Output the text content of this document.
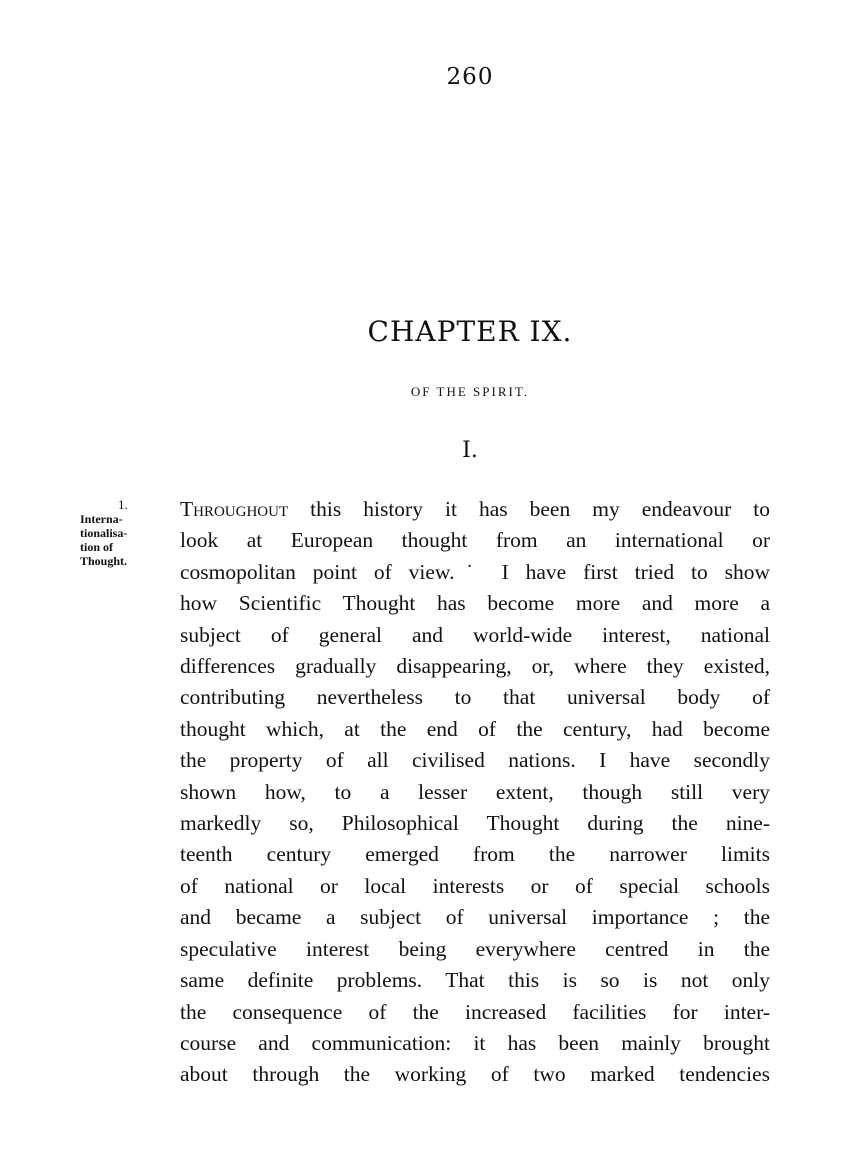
260
CHAPTER IX.
OF THE SPIRIT.
I.
1.
Interna-
tionalisa-
tion of
Thought.
Throughout this history it has been my endeavour to
look at European thought from an international or
cosmopolitan point of view.˙ I have first tried to show
how Scientific Thought has become more and more a
subject of general and world-wide interest, national
differences gradually disappearing, or, where they existed,
contributing nevertheless to that universal body of
thought which, at the end of the century, had become
the property of all civilised nations. I have secondly
shown how, to a lesser extent, though still very
markedly so, Philosophical Thought during the nine-
teenth century emerged from the narrower limits
of national or local interests or of special schools
and became a subject of universal importance ; the
speculative interest being everywhere centred in the
same definite problems. That this is so is not only
the consequence of the increased facilities for inter-
course and communication: it has been mainly brought
about through the working of two marked tendencies
